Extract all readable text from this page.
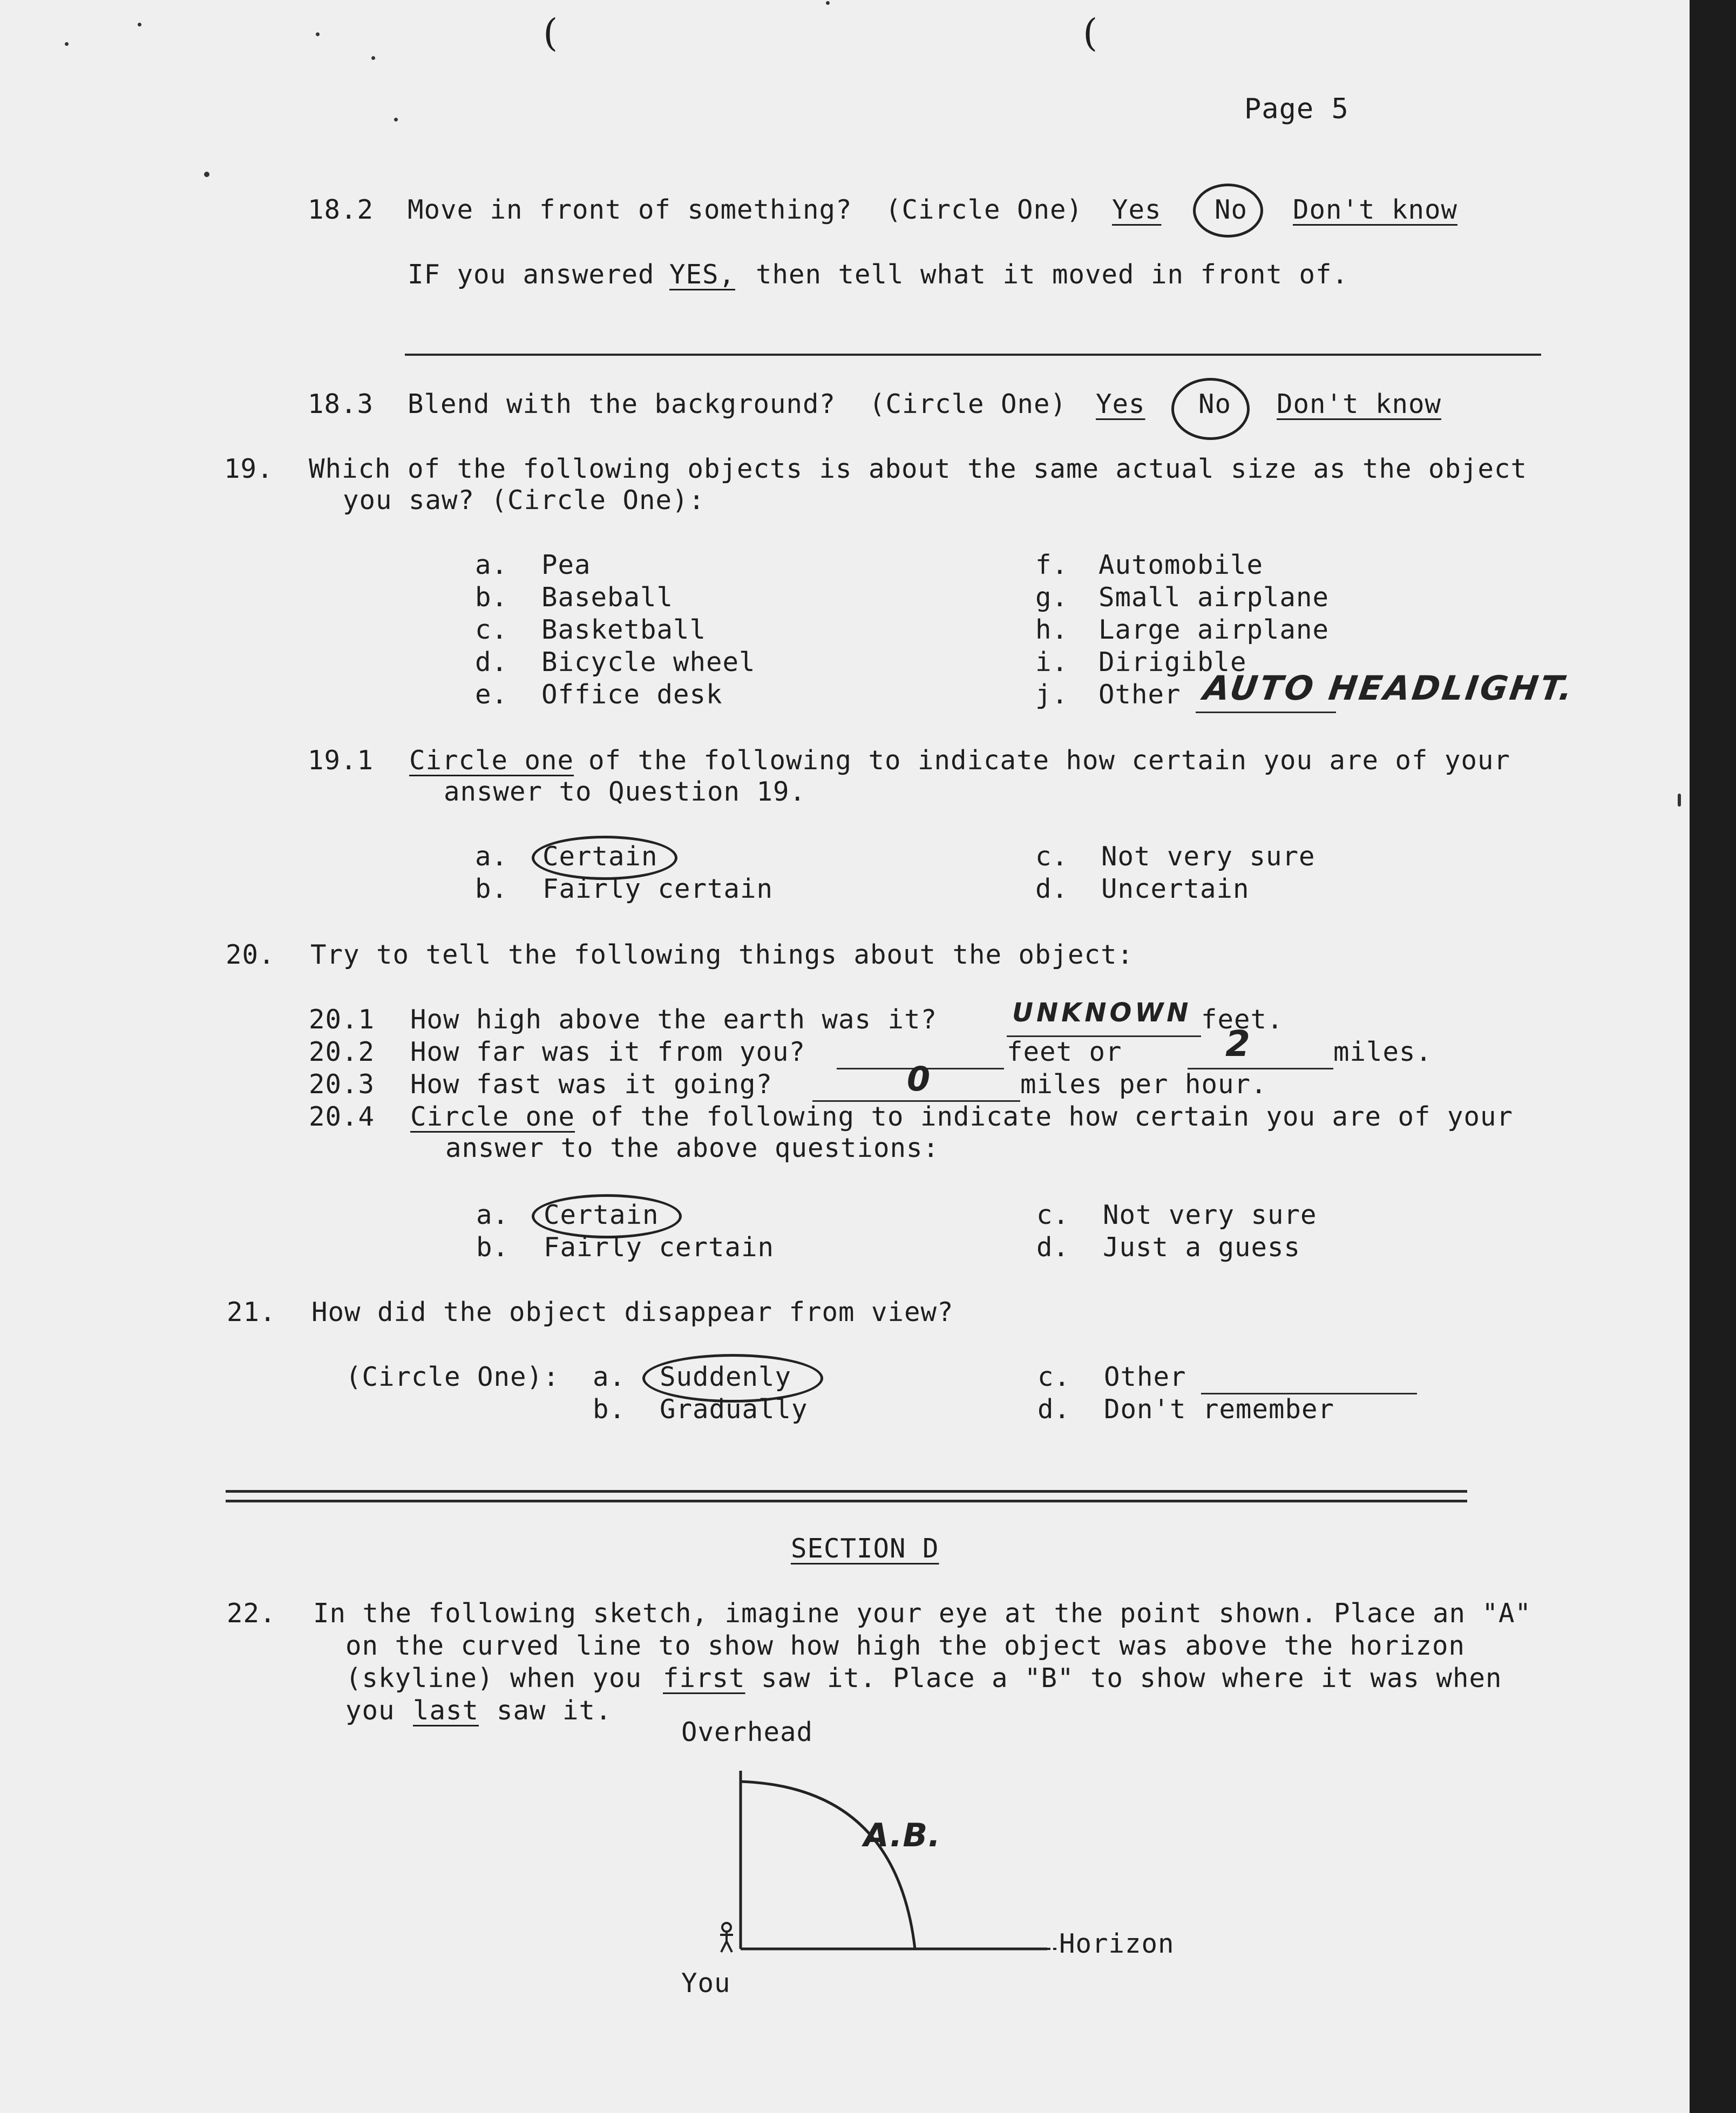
(	(
Page 5
18.2 Move in front of something? (Circle One) Yes No Don't know
IF you answered YES, then tell what it moved in front of.
18.3 Blend with the background? (Circle One) Yes No Don't know
19. Which of the following objects is about the same actual size as the object
you saw? (Circle One):
a. Pea
b. Baseball
c. Basketball
d. Bicycle wheel
e. Office desk
f. Automobile
g. Small airplane
h. Large airplane
i. Dirigible
j. Other AUTO HEADLIGHT.
19.1 Circle one of the following to indicate how certain you are of your
answer to Question 19.
a. Certain
b. Fairly certain
c. Not very sure
d. Uncertain
20. Try to tell the following things about the object:
20.1 How high above the earth was it?	UNKNOWN feet.
20.2 How far was it from you?	feet or	2	miles.
20.3 How fast was it going?	0	miles per hour.
20.4 Circle one of the following to indicate how certain you are of your
answer to the above questions:
a. Certain
b. Fairly certain
c. Not very sure
d. Just a guess
21. How did the object disappear from view?
(Circle One): a. Suddenly
b. Gradually
c. Other
d. Don't remember
SECTION D
22. In the following sketch, imagine your eye at the point shown. Place an "A"
on the curved line to show how high the object was above the horizon
(skyline) when you first saw it. Place a "B" to show where it was when
you last saw it.
Overhead
Horizon
You
A.B.
